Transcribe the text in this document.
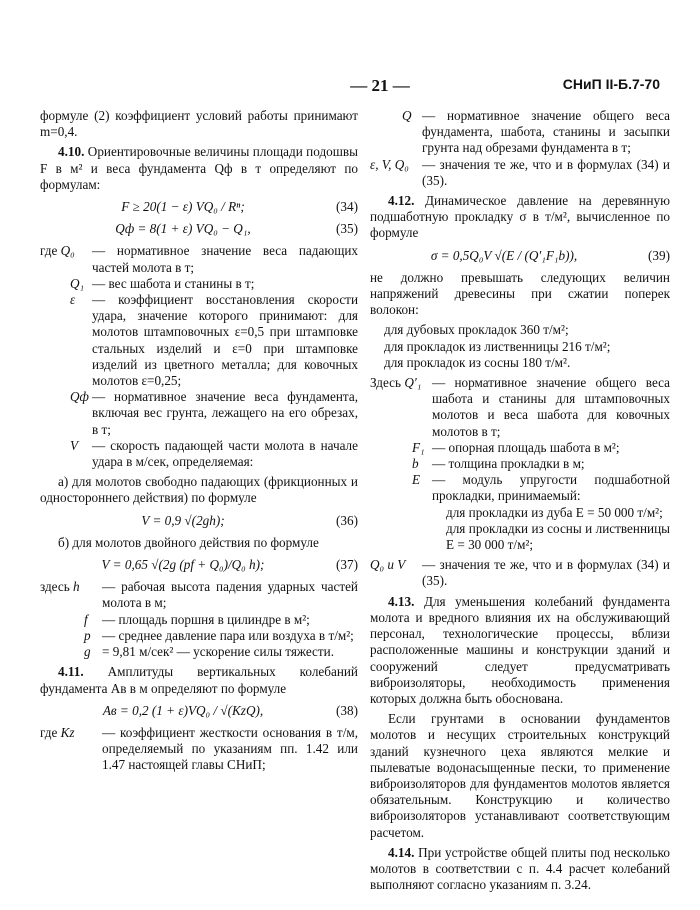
— 21 —	СНиП II-Б.7-70
формуле (2) коэффициент условий работы принимают m=0,4.
4.10. Ориентировочные величины площади подошвы F в м² и веса фундамента Qф в т определяют по формулам:
F ≥ 20(1 − ε) VQ₀ / Rⁿ;	(34)
Qф = 8(1 + ε) VQ₀ − Q₁,	(35)
где Q₀	— нормативное значение веса падающих частей молота в т;
Q₁ — вес шабота и станины в т;
ε	— коэффициент восстановления скорости удара, значение которого принимают: для молотов штамповочных ε=0,5 при штамповке стальных изделий и ε=0 при штамповке изделий из цветного металла; для ковочных молотов ε=0,25;
Qф — нормативное значение веса фундамента, включая вес грунта, лежащего на его обрезах, в т;
V	— скорость падающей части молота в начале удара в м/сек, определяемая:
а) для молотов свободно падающих (фрикционных и одностороннего действия) по формуле
V = 0,9 √(2gh);	(36)
б) для молотов двойного действия по формуле
V = 0,65 √(2g (pf + Q₀)/Q₀ h);	(37)
здесь h	— рабочая высота падения ударных частей молота в м;
f	— площадь поршня в цилиндре в м²;
p — среднее давление пара или воздуха в т/м²;
g = 9,81 м/сек² — ускорение силы тяжести.
4.11. Амплитуды вертикальных колебаний фундамента Aв в м определяют по формуле
Aв = 0,2 (1 + ε)VQ₀ / √(KzQ),	(38)
где Kz	— коэффициент жесткости основания в т/м, определяемый по указаниям пп. 1.42 или 1.47 настоящей главы СНиП;
Q — нормативное значение общего веса фундамента, шабота, станины и засыпки грунта над обрезами фундамента в т;
ε, V, Q₀ — значения те же, что и в формулах (34) и (35).
4.12. Динамическое давление на деревянную подшаботную прокладку σ в т/м², вычисленное по формуле
σ = 0,5Q₀V √(E / (Q′₁F₁b)),	(39)
не должно превышать следующих величин напряжений древесины при сжатии поперек волокон:
для дубовых прокладок 360 т/м²;
для прокладок из лиственницы 216 т/м²;
для прокладок из сосны 180 т/м².
Здесь Q′₁ — нормативное значение общего веса шабота и станины для штамповочных молотов и веса шабота для ковочных молотов в т;
F₁ — опорная площадь шабота в м²;
b	— толщина прокладки в м;
E — модуль упругости подшаботной прокладки, принимаемый:
для прокладки из дуба E = 50 000 т/м²;
для прокладки из сосны и лиственницы E = 30 000 т/м²;
Q₀ и V	— значения те же, что и в формулах (34) и (35).
4.13. Для уменьшения колебаний фундамента молота и вредного влияния их на обслуживающий персонал, технологические процессы, вблизи расположенные машины и конструкции зданий и сооружений следует предусматривать виброизоляторы, необходимость применения которых должна быть обоснована.
Если грунтами в основании фундаментов молотов и несущих строительных конструкций зданий кузнечного цеха являются мелкие и пылеватые водонасыщенные пески, то применение виброизоляторов для фундаментов молотов является обязательным. Конструкцию и количество виброизоляторов устанавливают соответствующим расчетом.
4.14. При устройстве общей плиты под несколько молотов в соответствии с п. 4.4 расчет колебаний выполняют согласно указаниям п. 3.24.
